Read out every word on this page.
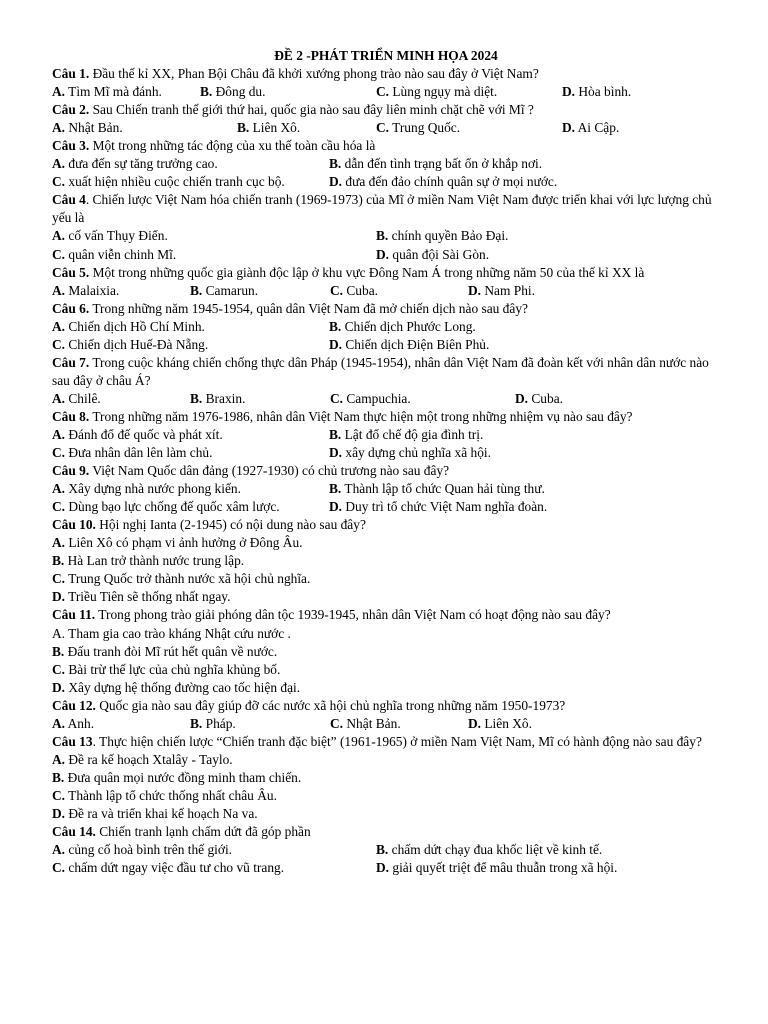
ĐỀ 2 -PHÁT TRIỂN MINH HỌA 2024
Câu 1. Đầu thế kỉ XX, Phan Bội Châu đã khởi xướng phong trào nào sau đây ở Việt Nam?
A. Tìm Mĩ mà đánh.	B. Đông du.	C. Lùng ngụy mà diệt.	D. Hòa bình.
Câu 2. Sau Chiến tranh thế giới thứ hai, quốc gia nào sau đây liên minh chặt chẽ với Mĩ ?
A. Nhật Bản.	B. Liên Xô.	C. Trung Quốc.	D. Ai Cập.
Câu 3. Một trong những tác động của xu thế toàn cầu hóa là
A. đưa đến sự tăng trưởng cao.	B. dẫn đến tình trạng bất ổn ở khắp nơi.
C. xuất hiện nhiều cuộc chiến tranh cục bộ.	D. đưa đến đảo chính quân sự ở mọi nước.
Câu 4. Chiến lược Việt Nam hóa chiến tranh (1969-1973) của Mĩ ở miền Nam Việt Nam được triển khai với lực lượng chủ yếu là
A. cố vấn Thụy Điển.	B. chính quyền Bảo Đại.
C. quân viễn chinh Mĩ.	D. quân đội Sài Gòn.
Câu 5. Một trong những quốc gia giành độc lập ở khu vực Đông Nam Á trong những năm 50 của thế kỉ XX là
A. Malaixia.	B. Camarun.	C. Cuba.	D. Nam Phi.
Câu 6. Trong những năm 1945-1954, quân dân Việt Nam đã mở chiến dịch nào sau đây?
A. Chiến dịch Hồ Chí Minh.	B. Chiến dịch Phước Long.
C. Chiến dịch Huế-Đà Nẵng.	D. Chiến dịch Điện Biên Phủ.
Câu 7. Trong cuộc kháng chiến chống thực dân Pháp (1945-1954), nhân dân Việt Nam đã đoàn kết với nhân dân nước nào sau đây ở châu Á?
A. Chilê.	B. Braxin.	C. Campuchia.	D. Cuba.
Câu 8. Trong những năm 1976-1986, nhân dân Việt Nam thực hiện một trong những nhiệm vụ nào sau đây?
A. Đánh đổ đế quốc và phát xít.	B. Lật đổ chế độ gia đình trị.
C. Đưa nhân dân lên làm chủ.	D. xây dựng chủ nghĩa xã hội.
Câu 9. Việt Nam Quốc dân đảng (1927-1930) có chủ trương nào sau đây?
A. Xây dựng nhà nước phong kiến.	B. Thành lập tổ chức Quan hải tùng thư.
C. Dùng bạo lực chống đế quốc xâm lược.	D. Duy trì tổ chức Việt Nam nghĩa đoàn.
Câu 10. Hội nghị Ianta (2-1945) có nội dung nào sau đây?
A. Liên Xô có phạm vi ảnh hưởng ở Đông Âu.
B. Hà Lan trở thành nước trung lập.
C. Trung Quốc trở thành nước xã hội chủ nghĩa.
D. Triều Tiên sẽ thống nhất ngay.
Câu 11. Trong phong trào giải phóng dân tộc 1939-1945, nhân dân Việt Nam có hoạt động nào sau đây?
A. Tham gia cao trào kháng Nhật cứu nước .
B. Đấu tranh đòi Mĩ rút hết quân về nước.
C. Bài trừ thế lực của chủ nghĩa khủng bố.
D. Xây dựng hệ thống đường cao tốc hiện đại.
Câu 12. Quốc gia nào sau đây giúp đỡ các nước xã hội chủ nghĩa trong những năm 1950-1973?
A. Anh.	B. Pháp.	C. Nhật Bản.	D. Liên Xô.
Câu 13. Thực hiện chiến lược “Chiến tranh đặc biệt” (1961-1965) ở miền Nam Việt Nam, Mĩ có hành động nào sau đây?
A. Đề ra kế hoạch Xtalây - Taylo.
B. Đưa quân mọi nước đồng minh tham chiến.
C. Thành lập tổ chức thống nhất châu Âu.
D. Đề ra và triển khai kế hoạch Na va.
Câu 14. Chiến tranh lạnh chấm dứt đã góp phần
A. củng cố hoà bình trên thế giới.	B. chấm dứt chạy đua khốc liệt về kinh tế.
C. chấm dứt ngay việc đầu tư cho vũ trang.	D. giải quyết triệt để mâu thuẫn trong xã hội.
